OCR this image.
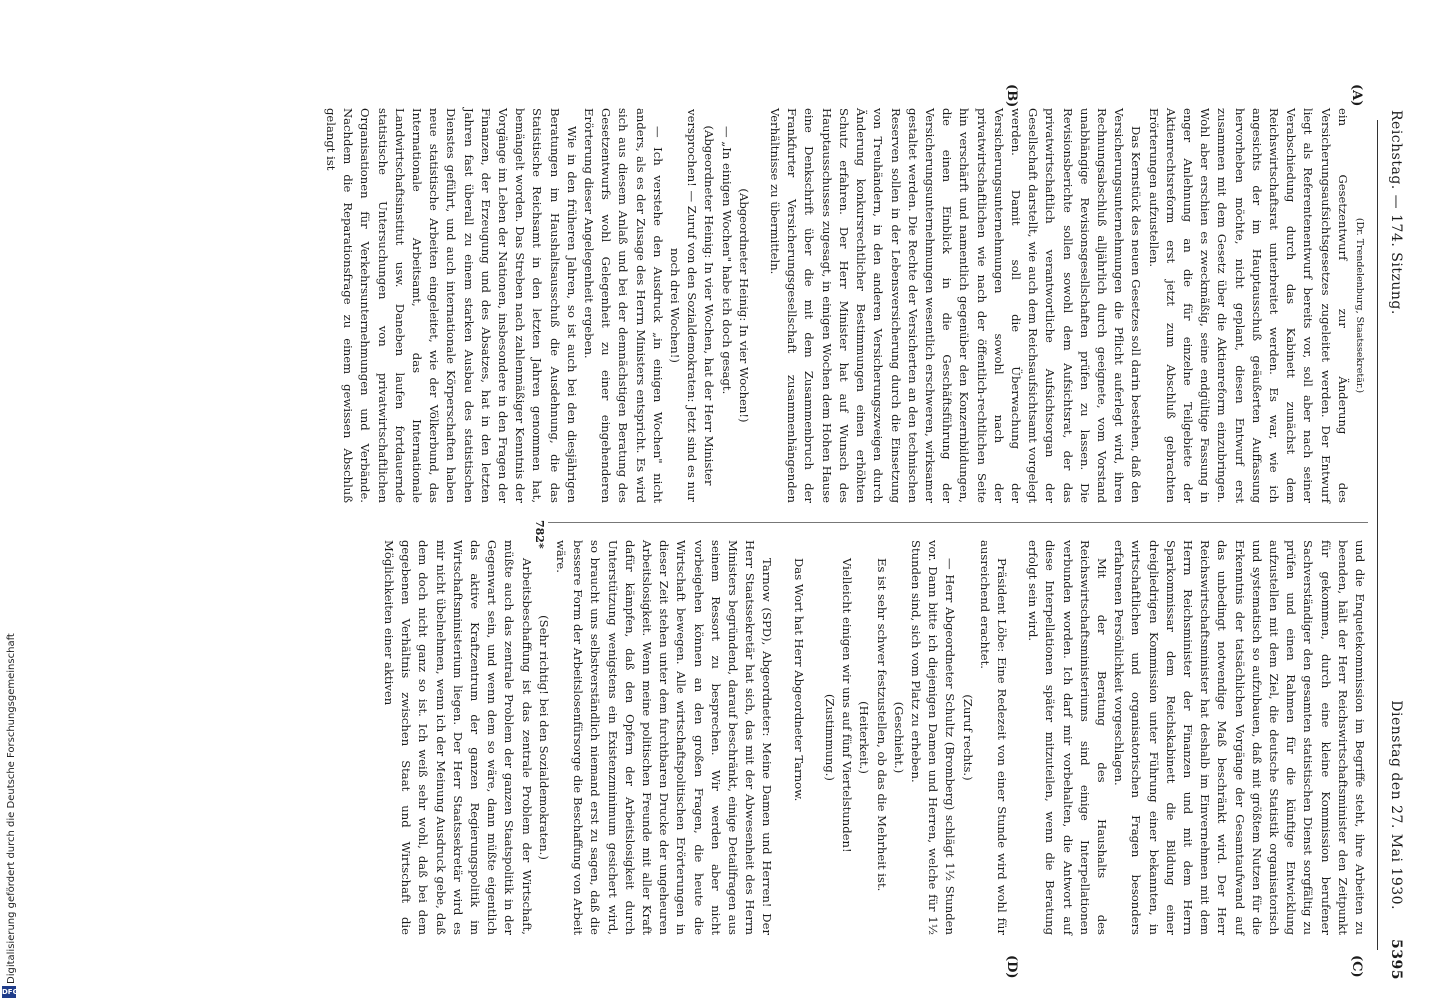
Reichstag. — 174. Sitzung.
Dienstag den 27. Mai 1930.
5395
(A)
(B)
(C)
(D)

(Dr. Trendelenburg, Staatssekretär.)

ein Gesetzentwurf zur Änderung des Versicherungsaufsichtsgesetzes zugeleitet werden. Der Entwurf liegt als Referentenentwurf bereits vor, soll aber nach seiner Verabschiedung durch das Kabinett zunächst dem Reichswirtschaftsrat unterbreitet werden. Es war, wie ich angesichts der im Hauptausschuß geäußerten Auffassung hervorheben möchte, nicht geplant, diesen Entwurf erst zusammen mit dem Gesetz über die Aktienreform einzubringen. Wohl aber erschien es zweckmäßig, seine endgültige Fassung in enger Anlehnung an die für einzelne Teilgebiete der Aktienrechtsreform erst jetzt zum Abschluß gebrachten Erörterungen aufzustellen.

Das Kernstück des neuen Gesetzes soll darin bestehen, daß den Versicherungsunternehmungen die Pflicht auferlegt wird, ihren Rechnungsabschluß alljährlich durch geeignete, vom Vorstand unabhängige Revisionsgesellschaften prüfen zu lassen. Die Revisionsberichte sollen sowohl dem Aufsichtsrat, der das privatwirtschaftlich verantwortliche Aufsichtsorgan der Gesellschaft darstellt, wie auch dem Reichsaufsichtsamt vorgelegt werden. Damit soll die Überwachung der Versicherungsunternehmungen sowohl nach der privatwirtschaftlichen wie nach der öffentlich-rechtlichen Seite hin verschärft und namentlich gegenüber den Konzernbildungen, die einen Einblick in die Geschäftsführung der Versicherungsunternehmungen wesentlich erschweren, wirksamer gestaltet werden. Die Rechte der Versicherten an den technischen Reserven sollen in der Lebensversicherung durch die Einsetzung von Treuhändern, in den anderen Versicherungszweigen durch Änderung konkursrechtlicher Bestimmungen einen erhöhten Schutz erfahren. Der Herr Minister hat auf Wunsch des Hauptausschusses zugesagt, in einigen Wochen dem Hohen Hause eine Denkschrift über die mit dem Zusammenbruch der Frankfurter Versicherungsgesellschaft zusammenhängenden Verhältnisse zu übermitteln.

(Abgeordneter Heinig: In vier Wochen!)

— „In einigen Wochen" habe ich doch gesagt.

(Abgeordneter Heinig: In vier Wochen, hat der Herr Minister versprochen! — Zuruf von den Sozialdemokraten: Jetzt sind es nur noch drei Wochen!)

— Ich verstehe den Ausdruck „in einigen Wochen" nicht anders, als es der Zusage des Herrn Ministers entspricht. Es wird sich aus diesem Anlaß und bei der demnächstigen Beratung des Gesetzentwurfs wohl Gelegenheit zu einer eingehenderen Erörterung dieser Angelegenheit ergeben.

Wie in den früheren Jahren, so ist auch bei den diesjährigen Beratungen im Haushaltsausschuß die Ausdehnung, die das Statistische Reichsamt in den letzten Jahren genommen hat, bemängelt worden. Das Streben nach zahlenmäßiger Kenntnis der Vorgänge im Leben der Nationen, insbesondere in den Fragen der Finanzen, der Erzeugung und des Absatzes, hat in den letzten Jahren fast überall zu einem starken Ausbau des statistischen Dienstes geführt, und auch internationale Körperschaften haben neue statistische Arbeiten eingeleitet, wie der Völkerbund, das Internationale Arbeitsamt, das Internationale Landwirtschaftsinstitut usw. Daneben laufen fortdauernde statistische Untersuchungen von privatwirtschaftlichen Organisationen für Verkehrsunternehmungen und Verbände. Nachdem die Reparationsfrage zu einem gewissen Abschluß gelangt ist

und die Enquetekommission im Begriffe steht, ihre Arbeiten zu beenden, hält der Herr Reichswirtschaftsminister den Zeitpunkt für gekommen, durch eine kleine Kommission berufener Sachverständiger den gesamten statistischen Dienst sorgfältig zu prüfen und einen Rahmen für die künftige Entwicklung aufzustellen mit dem Ziel, die deutsche Statistik organisatorisch und systematisch so aufzubauen, daß mit größtem Nutzen für die Erkenntnis der tatsächlichen Vorgänge der Gesamtaufwand auf das unbedingt notwendige Maß beschränkt wird. Der Herr Reichswirtschaftsminister hat deshalb im Einvernehmen mit dem Herrn Reichsminister der Finanzen und mit dem Herrn Sparkommissar dem Reichskabinett die Bildung einer dreigliedrigen Kommission unter Führung einer bekannten, in wirtschaftlichen und organisatorischen Fragen besonders erfahrenen Persönlichkeit vorgeschlagen.

Mit der Beratung des Haushalts des Reichswirtschaftsministeriums sind einige Interpellationen verbunden worden. Ich darf mir vorbehalten, die Antwort auf diese Interpellationen später mitzuteilen, wenn die Beratung erfolgt sein wird.

Präsident Löbe: Eine Redezeit von einer Stunde wird wohl für ausreichend erachtet.

(Zuruf rechts.)

— Herr Abgeordneter Schultz (Bromberg) schlägt 1½ Stunden vor. Dann bitte ich diejenigen Damen und Herren, welche für 1½ Stunden sind, sich vom Platz zu erheben.

(Geschieht.)

Es ist sehr schwer festzustellen, ob das die Mehrheit ist.

(Heiterkeit.)

Vielleicht einigen wir uns auf fünf Viertelstunden!

(Zustimmung.)

Das Wort hat Herr Abgeordneter Tarnow.

Tarnow (SPD), Abgeordneter: Meine Damen und Herren! Der Herr Staatssekretär hat sich, das mit der Abwesenheit des Herrn Ministers begründend, darauf beschränkt, einige Detailfragen aus seinem Ressort zu besprechen. Wir werden aber nicht vorbeigehen können an den großen Fragen, die heute die Wirtschaft bewegen. Alle wirtschaftspolitischen Erörterungen in dieser Zeit stehen unter dem furchtbaren Drucke der ungeheuren Arbeitslosigkeit. Wenn meine politischen Freunde mit aller Kraft dafür kämpfen, daß den Opfern der Arbeitslosigkeit durch Unterstützung wenigstens ein Existenzminimum gesichert wird, so braucht uns selbstverständlich niemand erst zu sagen, daß die bessere Form der Arbeitslosenfürsorge die Beschaffung von Arbeit wäre.

(Sehr richtig! bei den Sozialdemokraten.)

Arbeitsbeschaffung ist das zentrale Problem der Wirtschaft, müßte auch das zentrale Problem der ganzen Staatspolitik in der Gegenwart sein, und wenn dem so wäre, dann müßte eigentlich das aktive Kraftzentrum der ganzen Regierungspolitik im Wirtschaftsministerium liegen. Der Herr Staatssekretär wird es mir nicht übelnehmen, wenn ich der Meinung Ausdruck gebe, daß dem doch nicht ganz so ist. Ich weiß sehr wohl, daß bei dem gegebenen Verhältnis zwischen Staat und Wirtschaft die Möglichkeiten einer aktiven

782*
Digitalisierung gefördert durch die Deutsche Forschungsgemeinschaft
DFG
